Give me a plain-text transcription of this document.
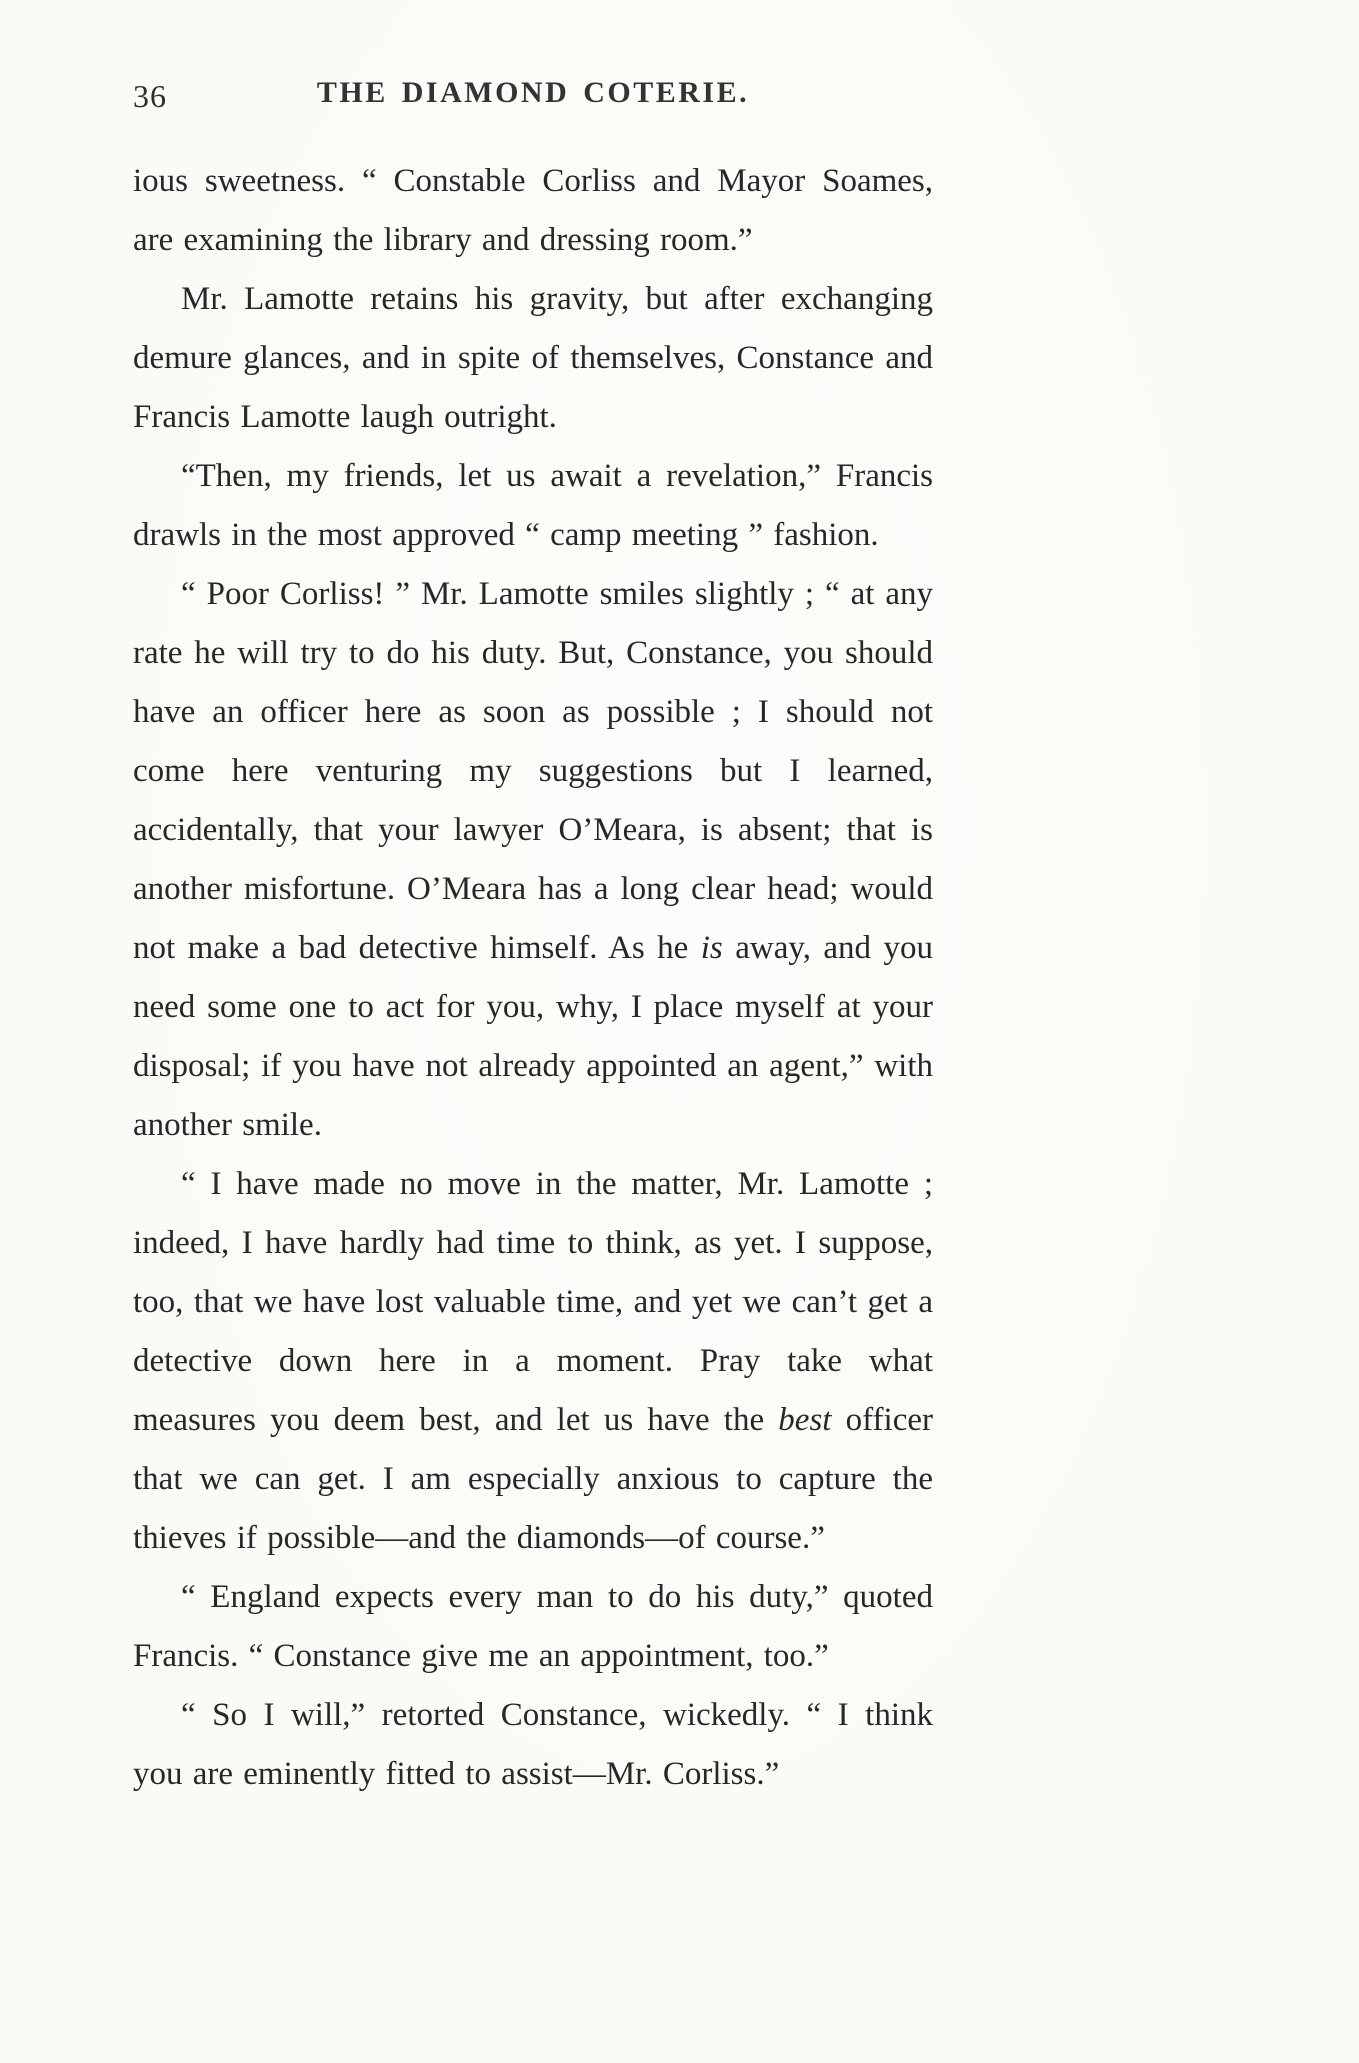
36	THE DIAMOND COTERIE.

ious sweetness. “ Constable Corliss and Mayor Soames, are examining the library and dressing room.”

Mr. Lamotte retains his gravity, but after exchanging demure glances, and in spite of themselves, Constance and Francis Lamotte laugh outright.

“Then, my friends, let us await a revelation,” Francis drawls in the most approved “ camp meeting ” fashion.

“ Poor Corliss! ” Mr. Lamotte smiles slightly ; “ at any rate he will try to do his duty. But, Constance, you should have an officer here as soon as possible ; I should not come here venturing my suggestions but I learned, accidentally, that your lawyer O’Meara, is absent; that is another misfortune. O’Meara has a long clear head; would not make a bad detective himself. As he is away, and you need some one to act for you, why, I place myself at your disposal; if you have not already appointed an agent,” with another smile.

“ I have made no move in the matter, Mr. Lamotte ; indeed, I have hardly had time to think, as yet. I suppose, too, that we have lost valuable time, and yet we can’t get a detective down here in a moment. Pray take what measures you deem best, and let us have the best officer that we can get. I am especially anxious to capture the thieves if possible—and the diamonds—of course.”

“ England expects every man to do his duty,” quoted Francis. “ Constance give me an appointment, too.”

“ So I will,” retorted Constance, wickedly. “ I think you are eminently fitted to assist—Mr. Corliss.”
